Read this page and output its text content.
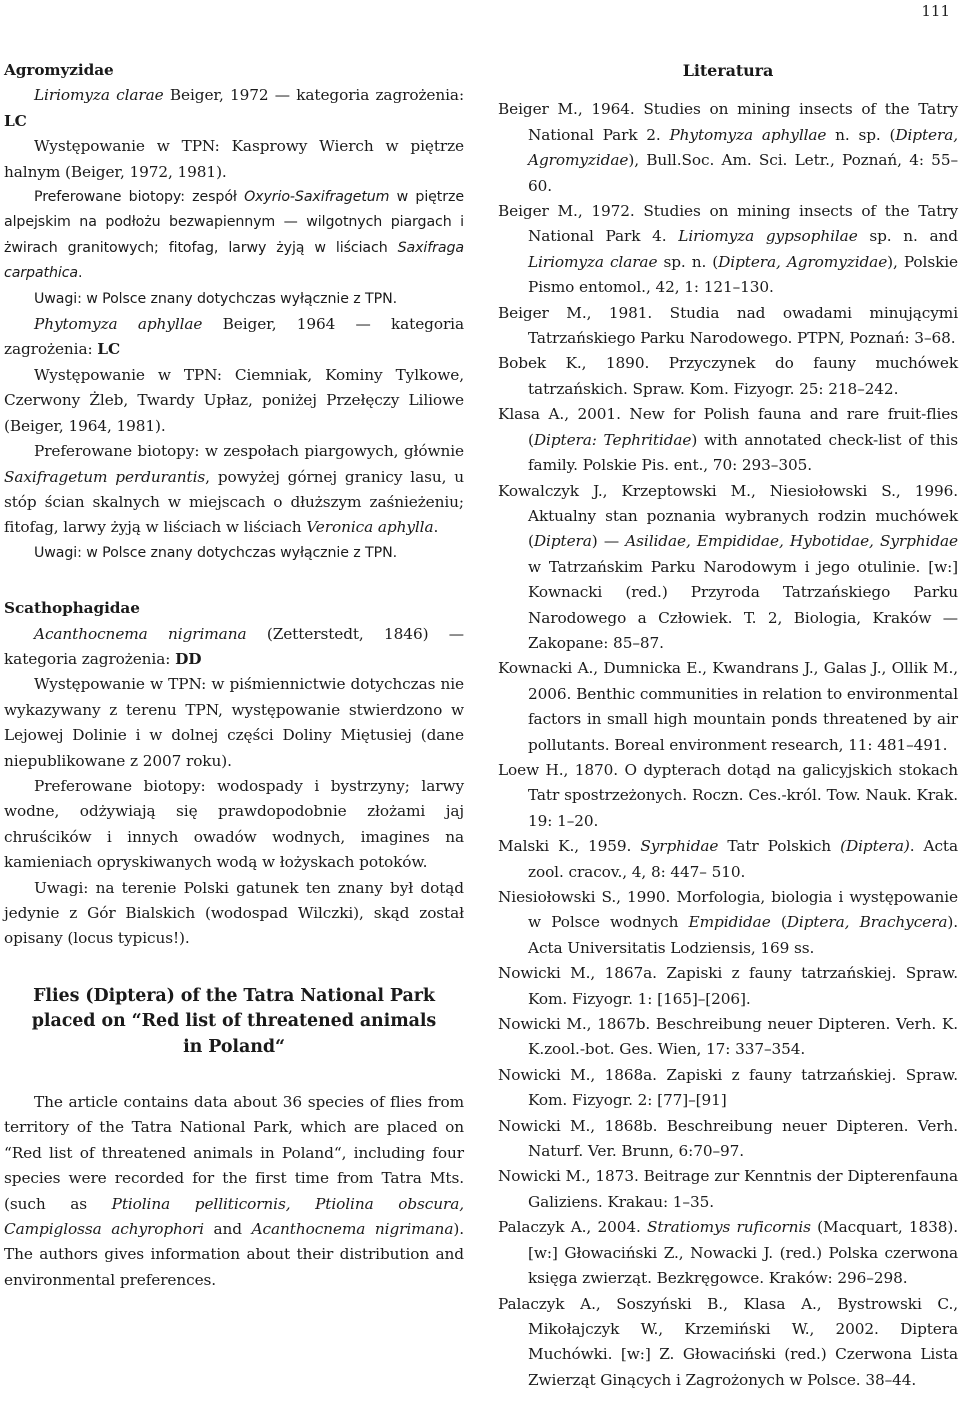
111

Agromyzidae

Liriomyza clarae Beiger, 1972 — kategoria zagrożenia: LC

Występowanie w TPN: Kasprowy Wierch w piętrze halnym (Beiger, 1972, 1981).

Preferowane biotopy: zespół Oxyrio-Saxifragetum w piętrze alpejskim na podłożu bezwapiennym — wilgotnych piargach i żwirach granitowych; fitofag, larwy żyją w liściach Saxifraga carpathica.

Uwagi: w Polsce znany dotychczas wyłącznie z TPN.

Phytomyza aphyllae Beiger, 1964 — kategoria zagrożenia: LC

Występowanie w TPN: Ciemniak, Kominy Tylkowe, Czerwony Żleb, Twardy Upłaz, poniżej Przełęczy Liliowe (Beiger, 1964, 1981).

Preferowane biotopy: w zespołach piargowych, głównie Saxifragetum perdurantis, powyżej górnej granicy lasu, u stóp ścian skalnych w miejscach o dłuższym zaśnieżeniu; fitofag, larwy żyją w liściach w liściach Veronica aphylla.

Uwagi: w Polsce znany dotychczas wyłącznie z TPN.

Scathophagidae

Acanthocnema nigrimana (Zetterstedt, 1846) — kategoria zagrożenia: DD

Występowanie w TPN: w piśmiennictwie dotychczas nie wykazywany z terenu TPN, występowanie stwierdzono w Lejowej Dolinie i w dolnej części Doliny Miętusiej (dane niepublikowane z 2007 roku).

Preferowane biotopy: wodospady i bystrzyny; larwy wodne, odżywiają się prawdopodobnie złożami jaj chruścików i innych owadów wodnych, imagines na kamieniach opryskiwanych wodą w łożyskach potoków.

Uwagi: na terenie Polski gatunek ten znany był dotąd jedynie z Gór Bialskich (wodospad Wilczki), skąd został opisany (locus typicus!).

Flies (Diptera) of the Tatra National Park
placed on “Red list of threatened animals
in Poland“

The article contains data about 36 species of flies from territory of the Tatra National Park, which are placed on “Red list of threatened animals in Poland“, including four species were recorded for the first time from Tatra Mts. (such as Ptiolina pelliticornis, Ptiolina obscura, Campiglossa achyrophori and Acanthocnema nigrimana). The authors gives information about their distribution and environmental preferences.

Literatura

Beiger M., 1964. Studies on mining insects of the Tatry National Park 2. Phytomyza aphyllae n. sp. (Diptera, Agromyzidae), Bull.Soc. Am. Sci. Letr., Poznań, 4: 55–60.

Beiger M., 1972. Studies on mining insects of the Tatry National Park 4. Liriomyza gypsophilae sp. n. and Liriomyza clarae sp. n. (Diptera, Agromyzidae), Polskie Pismo entomol., 42, 1: 121–130.

Beiger M., 1981. Studia nad owadami minującymi Tatrzańskiego Parku Narodowego. PTPN, Poznań: 3–68.

Bobek K., 1890. Przyczynek do fauny muchówek tatrzańskich. Spraw. Kom. Fizyogr. 25: 218–242.

Klasa A., 2001. New for Polish fauna and rare fruit-flies (Diptera: Tephritidae) with annotated check-list of this family. Polskie Pis. ent., 70: 293–305.

Kowalczyk J., Krzeptowski M., Niesiołowski S., 1996. Aktualny stan poznania wybranych rodzin muchówek (Diptera) — Asilidae, Empididae, Hybotidae, Syrphidae w Tatrzańskim Parku Narodowym i jego otulinie. [w:] Kownacki (red.) Przyroda Tatrzańskiego Parku Narodowego a Człowiek. T. 2, Biologia, Kraków — Zakopane: 85–87.

Kownacki A., Dumnicka E., Kwandrans J., Galas J., Ollik M., 2006. Benthic communities in relation to environmental factors in small high mountain ponds threatened by air pollutants. Boreal environment research, 11: 481–491.

Loew H., 1870. O dypterach dotąd na galicyjskich stokach Tatr spostrzeżonych. Roczn. Ces.-król. Tow. Nauk. Krak. 19: 1–20.

Malski K., 1959. Syrphidae Tatr Polskich (Diptera). Acta zool. cracov., 4, 8: 447– 510.

Niesiołowski S., 1990. Morfologia, biologia i występowanie w Polsce wodnych Empididae (Diptera, Brachycera). Acta Universitatis Lodziensis, 169 ss.

Nowicki M., 1867a. Zapiski z fauny tatrzańskiej. Spraw. Kom. Fizyogr. 1: [165]–[206].

Nowicki M., 1867b. Beschreibung neuer Dipteren. Verh. K. K.zool.-bot. Ges. Wien, 17: 337–354.

Nowicki M., 1868a. Zapiski z fauny tatrzańskiej. Spraw. Kom. Fizyogr. 2: [77]–[91]

Nowicki M., 1868b. Beschreibung neuer Dipteren. Verh. Naturf. Ver. Brunn, 6:70–97.

Nowicki M., 1873. Beitrage zur Kenntnis der Dipterenfauna Galiziens. Krakau: 1–35.

Palaczyk A., 2004. Stratiomys ruficornis (Macquart, 1838). [w:] Głowaciński Z., Nowacki J. (red.) Polska czerwona księga zwierząt. Bezkręgowce. Kraków: 296–298.

Palaczyk A., Soszyński B., Klasa A., Bystrowski C., Mikołajczyk W., Krzemiński W., 2002. Diptera Muchówki. [w:] Z. Głowaciński (red.) Czerwona Lista Zwierząt Ginących i Zagrożonych w Polsce. 38–44.
